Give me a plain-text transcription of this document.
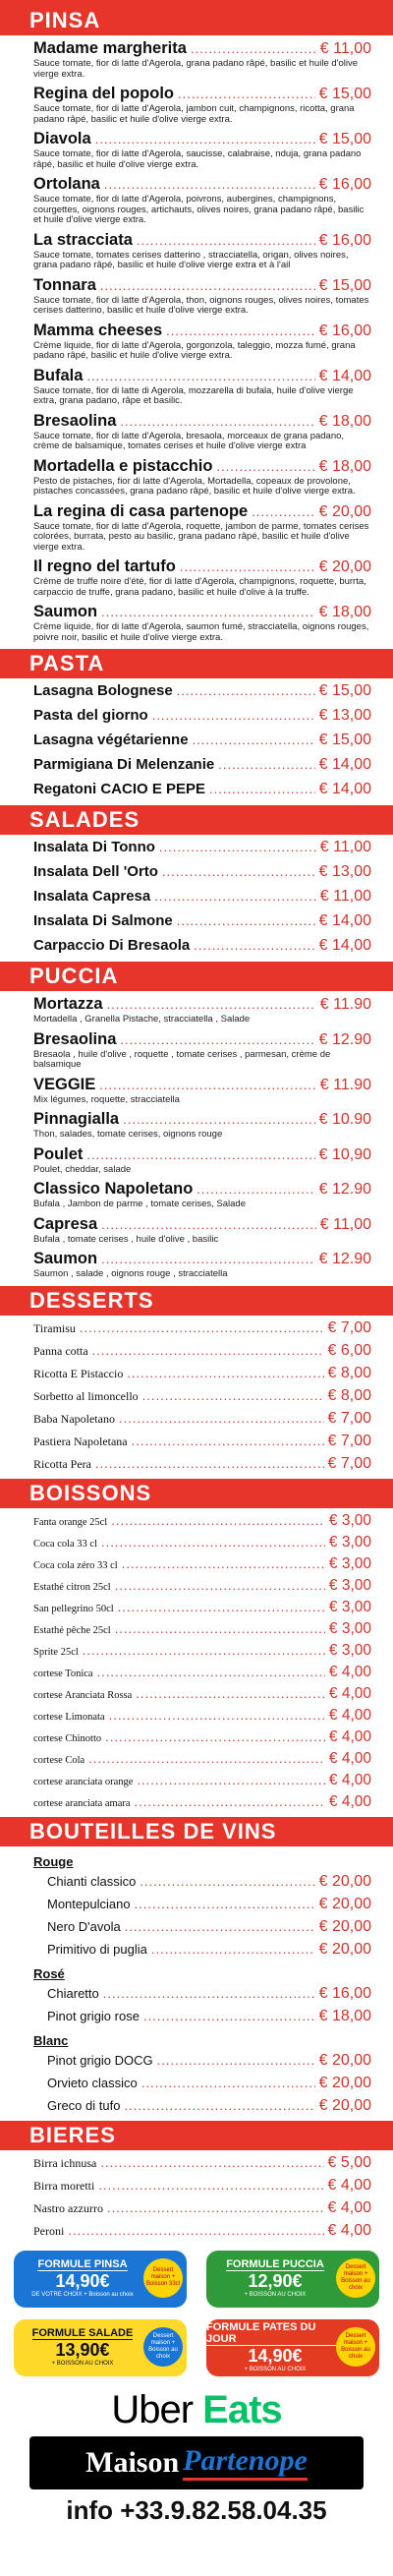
PINSA
Madame margherita .....	€ 11,00
Sauce tomate, fior di latte d'Agerola, grana padano râpé, basilic et huile d'olive vierge extra.
Regina del popolo .....	€ 15,00
Sauce tomate, fior di latte d'Agerola, jambon cuit, champignons, ricotta, grana padano râpé, basilic et huile d'olive vierge extra.
Diavola .....	€ 15,00
Sauce tomate, fior di latte d'Agerola, saucisse, calabraise, nduja, grana padano râpé, basilic et huile d'olive vierge extra.
Ortolana .....	€ 16,00
Sauce tomate, fior di latte d'Agerola, poivrons, aubergines, champignons, courgettes, oignons rouges, artichauts, olives noires, grana padano râpé, basilic et huile d'olive vierge extra.
La stracciata .....	€ 16,00
Sauce tomate, tomates cerises datterino , stracciatella, origan, olives noires, grana padano râpé, basilic et huile d'olive vierge extra et à l'ail
Tonnara .....	€ 15,00
Sauce tomate, fior di latte d'Agerola, thon, oignons rouges, olives noires, tomates cerises datterino, basilic et huile d'olive vierge extra.
Mamma cheeses .....	€ 16,00
Crème liquide, fior di latte d'Agerola, gorgonzola, taleggio, mozza fumé, grana padano râpé, basilic et huile d'olive vierge extra.
Bufala .....	€ 14,00
Sauce tomate, fior di latte di Agerola, mozzarella di bufala, huile d'olive vierge extra, grana padano, râpe et basilic.
Bresaolina .....	€ 18,00
Sauce tomate, fior di latte d'Agerola, bresaola, morceaux de grana padano, crème de balsamique, tomates cerises et huile d'olive vierge extra
Mortadella e pistacchio .....	€ 18,00
Pesto de pistaches, fior di latte d'Agerola, Mortadella, copeaux de provolone, pistaches concassées, grana padano râpé, basilic et huile d'olive vierge extra.
La regina di casa partenope .....	€ 20,00
Sauce tomate, fior di latte d'Agerola, roquette, jambon de parme, tomates cerises colorées, burrata, pesto au basilic, grana padano râpé, basilic et huile d'olive vierge extra.
Il regno del tartufo .....	€ 20,00
Crème de truffe noire d'été, fior di latte d'Agerola, champignons, roquette, burrta, carpaccio de truffe, grana padano, basilic et huile d'olive à la truffe.
Saumon .....	€ 18,00
Crème liquide, fior di latte d'Agerola, saumon fumé, stracciatella, oignons rouges, poivre noir, basilic et huile d'olive vierge extra.
PASTA
Lasagna Bolognese .....	€ 15,00
Pasta del giorno .....	€ 13,00
Lasagna végétarienne .....	€ 15,00
Parmigiana Di Melenzanie .....	€ 14,00
Regatoni CACIO E PEPE .....	€ 14,00
SALADES
Insalata Di Tonno .....	€ 11,00
Insalata Dell 'Orto .....	€ 13,00
Insalata Capresa .....	€ 11,00
Insalata Di Salmone .....	€ 14,00
Carpaccio Di Bresaola .....	€ 14,00
PUCCIA
Mortazza .....	€ 11.90
Mortadella , Granella Pistache, stracciatella , Salade
Bresaolina .....	€ 12.90
Bresaola , huile d'olive , roquette , tomate cerises , parmesan, crème de balsamique
VEGGIE .....	€ 11.90
Mix légumes, roquette, stracciatella
Pinnagialla .....	€ 10.90
Thon, salades, tomate cerises, oignons rouge
Poulet .....	€ 10,90
Poulet, cheddar, salade
Classico Napoletano .....	€ 12.90
Bufala , Jambon de parme , tomate cerises, Salade
Capresa .....	€ 11,00
Bufala , tomate cerises , huile d'olive , basilic
Saumon .....	€ 12.90
Saumon , salade , oignons rouge , stracciatella
DESSERTS
Tiramisu .....	€ 7,00
Panna cotta .....	€ 6,00
Ricotta E Pistaccio .....	€ 8,00
Sorbetto al limoncello .....	€ 8,00
Baba Napoletano .....	€ 7,00
Pastiera Napoletana .....	€ 7,00
Ricotta Pera .....	€ 7,00
BOISSONS
Fanta orange 25cl .....	€ 3,00
Coca cola 33 cl .....	€ 3,00
Coca cola zéro 33 cl .....	€ 3,00
Estathé citron 25cl .....	€ 3,00
San pellegrino 50cl .....	€ 3,00
Estathé pêche 25cl .....	€ 3,00
Sprite 25cl .....	€ 3,00
cortese Tonica .....	€ 4,00
cortese Aranciata Rossa .....	€ 4,00
cortese Limonata .....	€ 4,00
cortese Chinotto .....	€ 4,00
cortese Cola .....	€ 4,00
cortese aranciata orange .....	€ 4,00
cortese aranciata amara .....	€ 4,00
BOUTEILLES DE VINS
Rouge
Chianti classico .....	€ 20,00
Montepulciano .....	€ 20,00
Nero D'avola .....	€ 20,00
Primitivo di puglia .....	€ 20,00
Rosé
Chiaretto .....	€ 16,00
Pinot grigio rose .....	€ 18,00
Blanc
Pinot grigio DOCG .....	€ 20,00
Orvieto classico .....	€ 20,00
Greco di tufo .....	€ 20,00
BIERES
Birra ichnusa .....	€ 5,00
Birra moretti .....	€ 4,00
Nastro azzurro .....	€ 4,00
Peroni .....	€ 4,00
FORMULE PINSA
14,90€
DE VOTRE CHOIX + Boisson au choix
Dessert maison + Boisson 33cl
FORMULE PUCCIA
12,90€
+ BOISSON AU CHOIX
Dessert maison + Boisson au choix
FORMULE SALADE
13,90€
+ BOISSON AU CHOIX
Dessert maison + Boisson au choix
FORMULE PATES DU JOUR
14,90€
+ BOISSON AU CHOIX
Dessert maison + Boisson au choix
Uber Eats
Maison Partenope
info +33.9.82.58.04.35
